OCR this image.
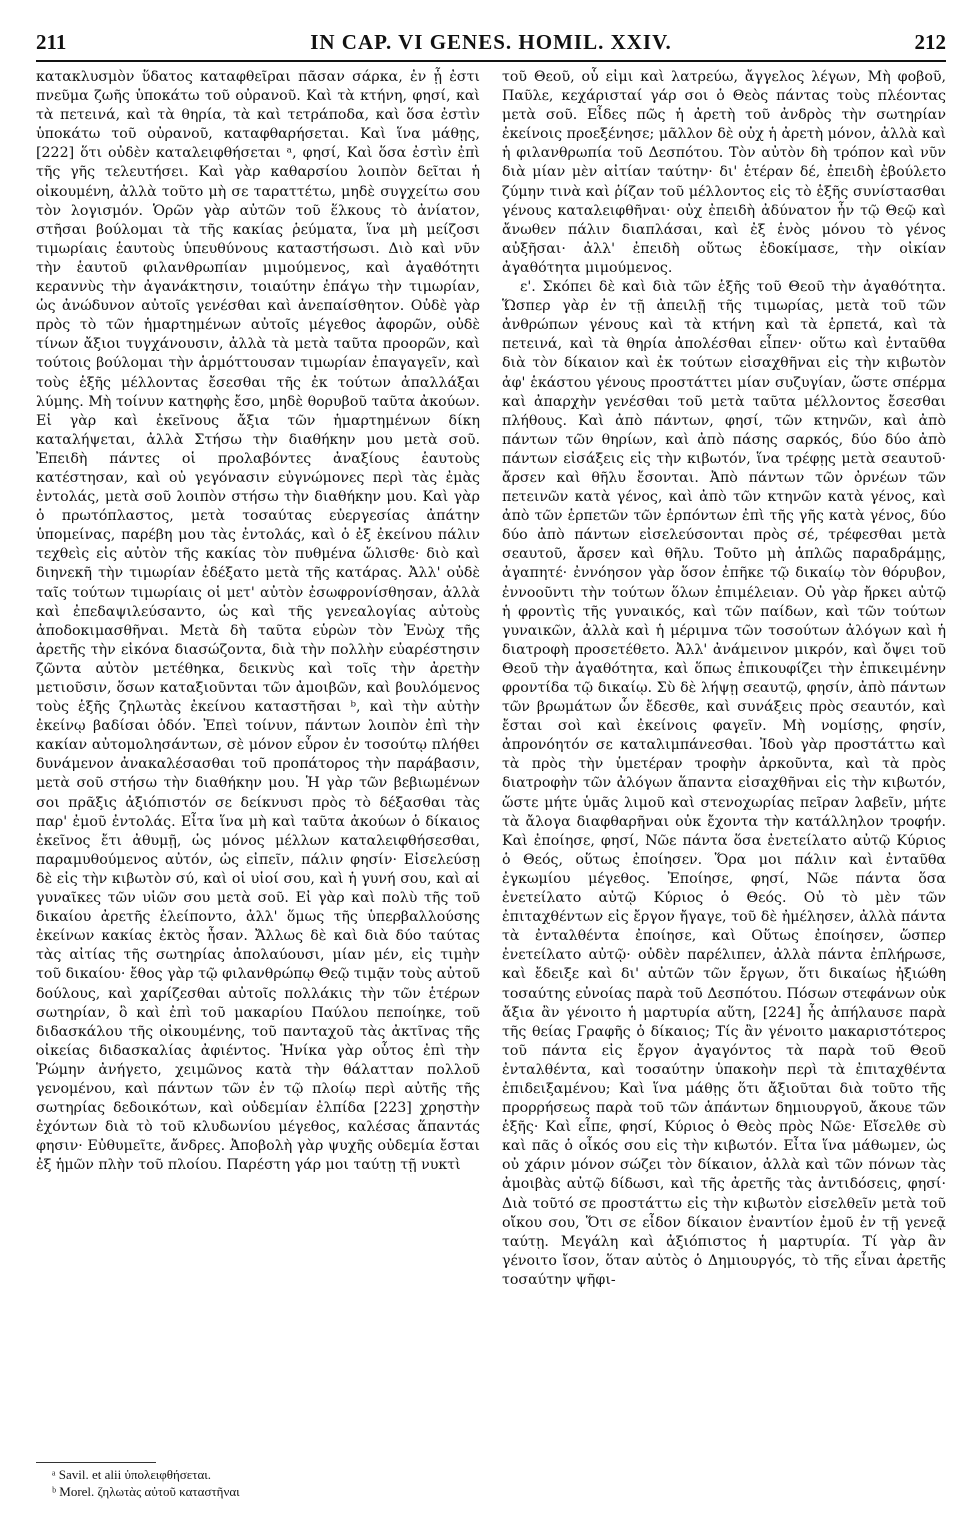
211	IN CAP. VI GENES. HOMIL. XXIV.	212

κατακλυσμὸν ὕδατος καταφθεῖραι πᾶσαν σάρκα, ἐν ᾗ ἐστι πνεῦμα ζωῆς ὑποκάτω τοῦ οὐρανοῦ. Καὶ τὰ κτήνη, φησί, καὶ τὰ πετεινά, καὶ τὰ θηρία, τὰ καὶ τετράποδα, καὶ ὅσα ἐστὶν ὑποκάτω τοῦ οὐρανοῦ, καταφθαρήσεται. Καὶ ἵνα μάθῃς, [222] ὅτι οὐδὲν καταλειφθήσεται ᵃ, φησί, Καὶ ὅσα ἐστὶν ἐπὶ τῆς γῆς τελευτήσει. Καὶ γὰρ καθαρσίου λοιπὸν δεῖται ἡ οἰκουμένη, ἀλλὰ τοῦτο μὴ σε ταραττέτω, μηδὲ συγχείτω σου τὸν λογισμόν. Ὁρῶν γὰρ αὐτῶν τοῦ ἕλκους τὸ ἀνίατον, στῆσαι βούλομαι τὰ τῆς κακίας ῥεύματα, ἵνα μὴ μείζοσι τιμωρίαις ἑαυτοὺς ὑπευθύνους καταστήσωσι. Διὸ καὶ νῦν τὴν ἑαυτοῦ φιλανθρωπίαν μιμούμενος, καὶ ἀγαθότητι κεραννὺς τὴν ἀγανάκτησιν, τοιαύτην ἐπάγω τὴν τιμωρίαν, ὡς ἀνώδυνον αὐτοῖς γενέσθαι καὶ ἀνεπαίσθητον. Οὐδὲ γὰρ πρὸς τὸ τῶν ἡμαρτημένων αὐτοῖς μέγεθος ἀφορῶν, οὐδὲ τίνων ἄξιοι τυγχάνουσιν, ἀλλὰ τὰ μετὰ ταῦτα προορῶν, καὶ τούτοις βούλομαι τὴν ἁρμόττουσαν τιμωρίαν ἐπαγαγεῖν, καὶ τοὺς ἑξῆς μέλλοντας ἔσεσθαι τῆς ἐκ τούτων ἀπαλλάξαι λύμης. Μὴ τοίνυν κατηφὴς ἔσο, μηδὲ θορυβοῦ ταῦτα ἀκούων. Εἰ γὰρ καὶ ἐκεῖνους ἄξια τῶν ἡμαρτημένων δίκη καταλήψεται, ἀλλὰ Στήσω τὴν διαθήκην μου μετὰ σοῦ. Ἐπειδὴ πάντες οἱ προλαβόντες ἀναξίους ἑαυτοὺς κατέστησαν, καὶ οὐ γεγόνασιν εὐγνώμονες περὶ τὰς ἐμὰς ἐντολάς, μετὰ σοῦ λοιπὸν στήσω τὴν διαθήκην μου. Καὶ γὰρ ὁ πρωτόπλαστος, μετὰ τοσαύτας εὐεργεσίας ἀπάτην ὑπομείνας, παρέβη μου τὰς ἐντολάς, καὶ ὁ ἐξ ἐκείνου πάλιν τεχθεὶς εἰς αὐτὸν τῆς κακίας τὸν πυθμένα ὤλισθε· διὸ καὶ διηνεκῆ τὴν τιμωρίαν ἐδέξατο μετὰ τῆς κατάρας. Ἀλλ' οὐδὲ ταῖς τούτων τιμωρίαις οἱ μετ' αὐτὸν ἐσωφρονίσθησαν, ἀλλὰ καὶ ἐπεδαψιλεύσαντο, ὡς καὶ τῆς γενεαλογίας αὐτοὺς ἀποδοκιμασθῆναι. Μετὰ δὴ ταῦτα εὑρὼν τὸν Ἐνὼχ τῆς ἀρετῆς τὴν εἰκόνα διασώζοντα, διὰ τὴν πολλὴν εὐαρέστησιν ζῶντα αὐτὸν μετέθηκα, δεικνὺς καὶ τοῖς τὴν ἀρετὴν μετιοῦσιν, ὅσων καταξιοῦνται τῶν ἀμοιβῶν, καὶ βουλόμενος τοὺς ἑξῆς ζηλωτὰς ἐκείνου καταστῆσαι ᵇ, καὶ τὴν αὐτὴν ἐκείνῳ βαδίσαι ὁδόν. Ἐπεὶ τοίνυν, πάντων λοιπὸν ἐπὶ τὴν κακίαν αὐτομολησάντων, σὲ μόνον εὗρον ἐν τοσούτῳ πλήθει δυνάμενον ἀνακαλέσασθαι τοῦ προπάτορος τὴν παράβασιν, μετὰ σοῦ στήσω τὴν διαθήκην μου. Ἡ γὰρ τῶν βεβιωμένων σοι πρᾶξις ἀξιόπιστόν σε δείκνυσι πρὸς τὸ δέξασθαι τὰς παρ' ἐμοῦ ἐντολάς. Εἶτα ἵνα μὴ καὶ ταῦτα ἀκούων ὁ δίκαιος ἐκεῖνος ἔτι ἀθυμῇ, ὡς μόνος μέλλων καταλειφθήσεσθαι, παραμυθούμενος αὐτόν, ὡς εἰπεῖν, πάλιν φησίν· Εἰσελεύσῃ δὲ εἰς τὴν κιβωτὸν σύ, καὶ οἱ υἱοί σου, καὶ ἡ γυνή σου, καὶ αἱ γυναῖκες τῶν υἱῶν σου μετὰ σοῦ. Εἰ γὰρ καὶ πολὺ τῆς τοῦ δικαίου ἀρετῆς ἐλείποντο, ἀλλ' ὅμως τῆς ὑπερβαλλούσης ἐκείνων κακίας ἐκτὸς ἦσαν. Ἄλλως δὲ καὶ διὰ δύο ταύτας τὰς αἰτίας τῆς σωτηρίας ἀπολαύουσι, μίαν μέν, εἰς τιμὴν τοῦ δικαίου· ἔθος γὰρ τῷ φιλανθρώπῳ Θεῷ τιμᾷν τοὺς αὐτοῦ δούλους, καὶ χαρίζεσθαι αὐτοῖς πολλάκις τὴν τῶν ἑτέρων σωτηρίαν, ὃ καὶ ἐπὶ τοῦ μακαρίου Παύλου πεποίηκε, τοῦ διδασκάλου τῆς οἰκουμένης, τοῦ πανταχοῦ τὰς ἀκτῖνας τῆς οἰκείας διδασκαλίας ἀφιέντος. Ἡνίκα γὰρ οὗτος ἐπὶ τὴν Ῥώμην ἀνήγετο, χειμῶνος κατὰ τὴν θάλατταν πολλοῦ γενομένου, καὶ πάντων τῶν ἐν τῷ πλοίῳ περὶ αὐτῆς τῆς σωτηρίας δεδοικότων, καὶ οὐδεμίαν ἐλπίδα [223] χρηστὴν ἐχόντων διὰ τὸ τοῦ κλυδωνίου μέγεθος, καλέσας ἅπαντάς φησιν· Εὐθυμεῖτε, ἄνδρες. Ἀποβολὴ γὰρ ψυχῆς οὐδεμία ἔσται ἐξ ἡμῶν πλὴν τοῦ πλοίου. Παρέστη γάρ μοι ταύτῃ τῇ νυκτὶ

τοῦ Θεοῦ, οὗ εἰμι καὶ λατρεύω, ἄγγελος λέγων, Μὴ φοβοῦ, Παῦλε, κεχάρισταί γάρ σοι ὁ Θεὸς πάντας τοὺς πλέοντας μετὰ σοῦ. Εἶδες πῶς ἡ ἀρετὴ τοῦ ἀνδρὸς τὴν σωτηρίαν ἐκείνοις προεξένησε; μᾶλλον δὲ οὐχ ἡ ἀρετὴ μόνον, ἀλλὰ καὶ ἡ φιλανθρωπία τοῦ Δεσπότου. Τὸν αὐτὸν δὴ τρόπον καὶ νῦν διὰ μίαν μὲν αἰτίαν ταύτην· δι' ἑτέραν δέ, ἐπειδὴ ἐβούλετο ζύμην τινὰ καὶ ῥίζαν τοῦ μέλλοντος εἰς τὸ ἑξῆς συνίστασθαι γένους καταλειφθῆναι· οὐχ ἐπειδὴ ἀδύνατον ἦν τῷ Θεῷ καὶ ἄνωθεν πάλιν διαπλάσαι, καὶ ἐξ ἑνὸς μόνου τὸ γένος αὐξῆσαι· ἀλλ' ἐπειδὴ οὕτως ἐδοκίμασε, τὴν οἰκίαν ἀγαθότητα μιμούμενος.

ε'. Σκόπει δὲ καὶ διὰ τῶν ἑξῆς τοῦ Θεοῦ τὴν ἀγαθότητα. Ὥσπερ γὰρ ἐν τῇ ἀπειλῇ τῆς τιμωρίας, μετὰ τοῦ τῶν ἀνθρώπων γένους καὶ τὰ κτήνη καὶ τὰ ἑρπετά, καὶ τὰ πετεινά, καὶ τὰ θηρία ἀπολέσθαι εἶπεν· οὕτω καὶ ἐνταῦθα διὰ τὸν δίκαιον καὶ ἐκ τούτων εἰσαχθῆναι εἰς τὴν κιβωτὸν ἀφ' ἑκάστου γένους προστάττει μίαν συζυγίαν, ὥστε σπέρμα καὶ ἀπαρχὴν γενέσθαι τοῦ μετὰ ταῦτα μέλλοντος ἔσεσθαι πλήθους. Καὶ ἀπὸ πάντων, φησί, τῶν κτηνῶν, καὶ ἀπὸ πάντων τῶν θηρίων, καὶ ἀπὸ πάσης σαρκός, δύο δύο ἀπὸ πάντων εἰσάξεις εἰς τὴν κιβωτόν, ἵνα τρέφῃς μετὰ σεαυτοῦ· ἄρσεν καὶ θῆλυ ἔσονται. Ἀπὸ πάντων τῶν ὀρνέων τῶν πετεινῶν κατὰ γένος, καὶ ἀπὸ τῶν κτηνῶν κατὰ γένος, καὶ ἀπὸ τῶν ἑρπετῶν τῶν ἑρπόντων ἐπὶ τῆς γῆς κατὰ γένος, δύο δύο ἀπὸ πάντων εἰσελεύσονται πρὸς σέ, τρέφεσθαι μετὰ σεαυτοῦ, ἄρσεν καὶ θῆλυ. Τοῦτο μὴ ἁπλῶς παραδράμῃς, ἀγαπητέ· ἐννόησον γὰρ ὅσον ἐπῆκε τῷ δικαίῳ τὸν θόρυβον, ἐννοοῦντι τὴν τούτων ὅλων ἐπιμέλειαν. Οὐ γὰρ ἤρκει αὐτῷ ἡ φροντὶς τῆς γυναικός, καὶ τῶν παίδων, καὶ τῶν τούτων γυναικῶν, ἀλλὰ καὶ ἡ μέριμνα τῶν τοσούτων ἀλόγων καὶ ἡ διατροφὴ προσετέθετο. Ἀλλ' ἀνάμεινον μικρόν, καὶ ὄψει τοῦ Θεοῦ τὴν ἀγαθότητα, καὶ ὅπως ἐπικουφίζει τὴν ἐπικειμένην φροντίδα τῷ δικαίῳ. Σὺ δὲ λήψῃ σεαυτῷ, φησίν, ἀπὸ πάντων τῶν βρωμάτων ὧν ἔδεσθε, καὶ συνάξεις πρὸς σεαυτόν, καὶ ἔσται σοὶ καὶ ἐκείνοις φαγεῖν. Μὴ νομίσῃς, φησίν, ἀπρονόητόν σε καταλιμπάνεσθαι. Ἰδοὺ γὰρ προστάττω καὶ τὰ πρὸς τὴν ὑμετέραν τροφὴν ἀρκοῦντα, καὶ τὰ πρὸς διατροφὴν τῶν ἀλόγων ἅπαντα εἰσαχθῆναι εἰς τὴν κιβωτόν, ὥστε μήτε ὑμᾶς λιμοῦ καὶ στενοχωρίας πεῖραν λαβεῖν, μήτε τὰ ἄλογα διαφθαρῆναι οὐκ ἔχοντα τὴν κατάλληλον τροφήν. Καὶ ἐποίησε, φησί, Νῶε πάντα ὅσα ἐνετείλατο αὐτῷ Κύριος ὁ Θεός, οὕτως ἐποίησεν. Ὅρα μοι πάλιν καὶ ἐνταῦθα ἐγκωμίου μέγεθος. Ἐποίησε, φησί, Νῶε πάντα ὅσα ἐνετείλατο αὐτῷ Κύριος ὁ Θεός. Οὐ τὸ μὲν τῶν ἐπιταχθέντων εἰς ἔργον ἤγαγε, τοῦ δὲ ἠμέλησεν, ἀλλὰ πάντα τὰ ἐνταλθέντα ἐποίησε, καὶ Οὕτως ἐποίησεν, ὥσπερ ἐνετείλατο αὐτῷ· οὐδὲν παρέλιπεν, ἀλλὰ πάντα ἐπλήρωσε, καὶ ἔδειξε καὶ δι' αὐτῶν τῶν ἔργων, ὅτι δικαίως ἠξιώθη τοσαύτης εὐνοίας παρὰ τοῦ Δεσπότου. Πόσων στεφάνων οὐκ ἄξια ἂν γένοιτο ἡ μαρτυρία αὕτη, [224] ἧς ἀπήλαυσε παρὰ τῆς θείας Γραφῆς ὁ δίκαιος; Τίς ἂν γένοιτο μακαριστότερος τοῦ πάντα εἰς ἔργον ἀγαγόντος τὰ παρὰ τοῦ Θεοῦ ἐνταλθέντα, καὶ τοσαύτην ὑπακοὴν περὶ τὰ ἐπιταχθέντα ἐπιδειξαμένου; Καὶ ἵνα μάθῃς ὅτι ἄξιοῦται διὰ τοῦτο τῆς προρρήσεως παρὰ τοῦ τῶν ἁπάντων δημιουργοῦ, ἄκουε τῶν ἑξῆς· Καὶ εἶπε, φησί, Κύριος ὁ Θεὸς πρὸς Νῶε· Εἴσελθε σὺ καὶ πᾶς ὁ οἶκός σου εἰς τὴν κιβωτόν. Εἶτα ἵνα μάθωμεν, ὡς οὐ χάριν μόνον σώζει τὸν δίκαιον, ἀλλὰ καὶ τῶν πόνων τὰς ἀμοιβὰς αὐτῷ δίδωσι, καὶ τῆς ἀρετῆς τὰς ἀντιδόσεις, φησί· Διὰ τοῦτό σε προστάττω εἰς τὴν κιβωτὸν εἰσελθεῖν μετὰ τοῦ οἴκου σου, Ὅτι σε εἶδον δίκαιον ἐναντίον ἐμοῦ ἐν τῇ γενεᾷ ταύτῃ. Μεγάλη καὶ ἀξιόπιστος ἡ μαρτυρία. Τί γὰρ ἂν γένοιτο ἴσον, ὅταν αὐτὸς ὁ Δημιουργός, τὸ τῆς εἶναι ἀρετῆς τοσαύτην ψῆφι-

ᵃ Savil. et alii ὑπολειφθήσεται.
ᵇ Morel. ζηλωτὰς αὐτοῦ καταστῆναι
